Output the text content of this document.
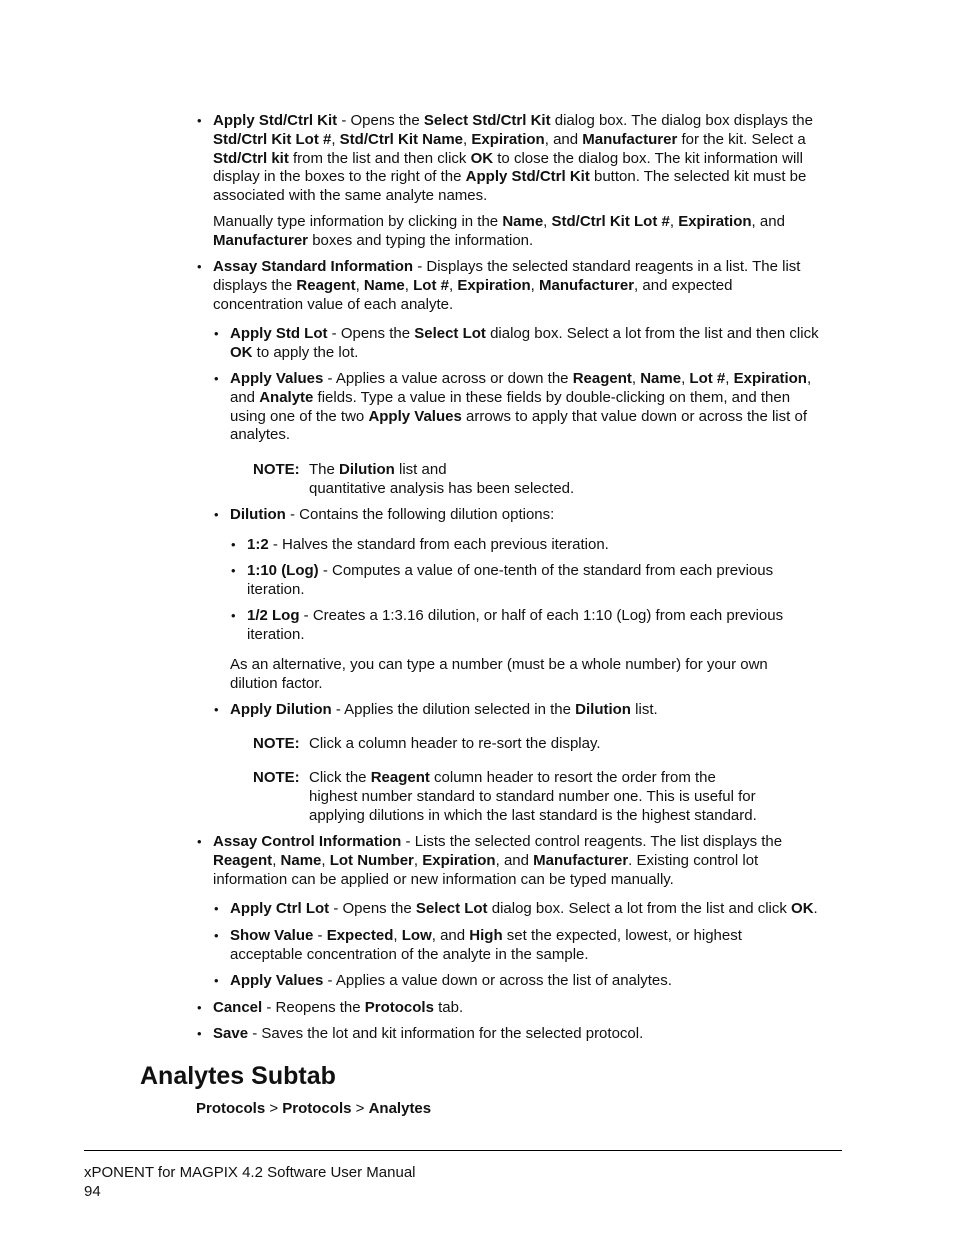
• Apply Std/Ctrl Kit - Opens the Select Std/Ctrl Kit dialog box. The dialog box displays the

Std/Ctrl Kit Lot #, Std/Ctrl Kit Name, Expiration, and Manufacturer for the kit. Select a

Std/Ctrl kit from the list and then click OK to close the dialog box. The kit information will

display in the boxes to the right of the Apply Std/Ctrl Kit button. The selected kit must be

associated with the same analyte names.

Manually type information by clicking in the Name, Std/Ctrl Kit Lot #, Expiration, and

Manufacturer boxes and typing the information.

• Assay Standard Information - Displays the selected standard reagents in a list. The list

displays the Reagent, Name, Lot #, Expiration, Manufacturer, and expected

concentration value of each analyte.

• Apply Std Lot - Opens the Select Lot dialog box. Select a lot from the list and then click

OK to apply the lot.

• Apply Values - Applies a value across or down the Reagent, Name, Lot #, Expiration,

and Analyte fields. Type a value in these fields by double-clicking on them, and then

using one of the two Apply Values arrows to apply that value down or across the list of

analytes.

NOTE: The Dilution list and

quantitative analysis has been selected.

• Dilution - Contains the following dilution options:

• 1:2 - Halves the standard from each previous iteration.

• 1:10 (Log) - Computes a value of one-tenth of the standard from each previous

iteration.

• 1/2 Log - Creates a 1:3.16 dilution, or half of each 1:10 (Log) from each previous

iteration.

As an alternative, you can type a number (must be a whole number) for your own

dilution factor.

• Apply Dilution - Applies the dilution selected in the Dilution list.

NOTE: Click a column header to re-sort the display.

NOTE: Click the Reagent column header to resort the order from the

highest number standard to standard number one. This is useful for

applying dilutions in which the last standard is the highest standard.

• Assay Control Information - Lists the selected control reagents. The list displays the

Reagent, Name, Lot Number, Expiration, and Manufacturer. Existing control lot

information can be applied or new information can be typed manually.

• Apply Ctrl Lot - Opens the Select Lot dialog box. Select a lot from the list and click OK.

• Show Value - Expected, Low, and High set the expected, lowest, or highest

acceptable concentration of the analyte in the sample.

• Apply Values - Applies a value down or across the list of analytes.

• Cancel - Reopens the Protocols tab.

• Save - Saves the lot and kit information for the selected protocol.

Analytes Subtab

Protocols > Protocols > Analytes

xPONENT for MAGPIX 4.2 Software User Manual

94
